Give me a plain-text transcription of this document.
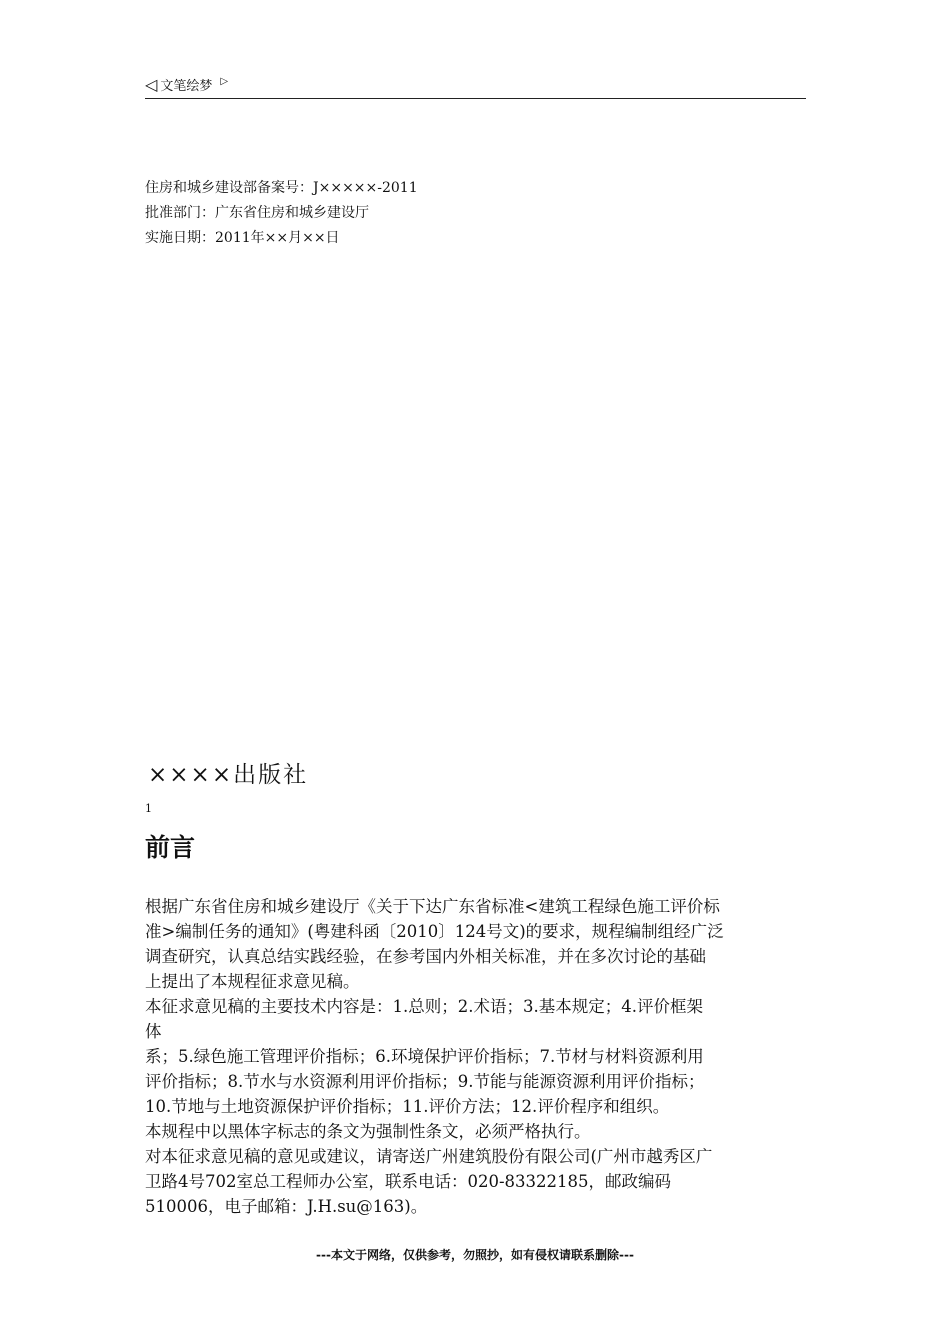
◁ 文笔绘梦 ▷
住房和城乡建设部备案号：J×××××-2011
批准部门：广东省住房和城乡建设厅
实施日期：2011年××月××日
××××出版社
1
前言
根据广东省住房和城乡建设厅《关于下达广东省标准<建筑工程绿色施工评价标
准>编制任务的通知》(粤建科函〔2010〕124号文)的要求，规程编制组经广泛
调查研究，认真总结实践经验，在参考国内外相关标准，并在多次讨论的基础
上提出了本规程征求意见稿。
本征求意见稿的主要技术内容是：1.总则；2.术语；3.基本规定；4.评价框架
体
系；5.绿色施工管理评价指标；6.环境保护评价指标；7.节材与材料资源利用
评价指标；8.节水与水资源利用评价指标；9.节能与能源资源利用评价指标；
10.节地与土地资源保护评价指标；11.评价方法；12.评价程序和组织。
本规程中以黑体字标志的条文为强制性条文，必须严格执行。
对本征求意见稿的意见或建议，请寄送广州建筑股份有限公司(广州市越秀区广
卫路4号702室总工程师办公室，联系电话：020-83322185，邮政编码
510006，电子邮箱：J.H.su@163)。
---本文于网络，仅供参考，勿照抄，如有侵权请联系删除---
